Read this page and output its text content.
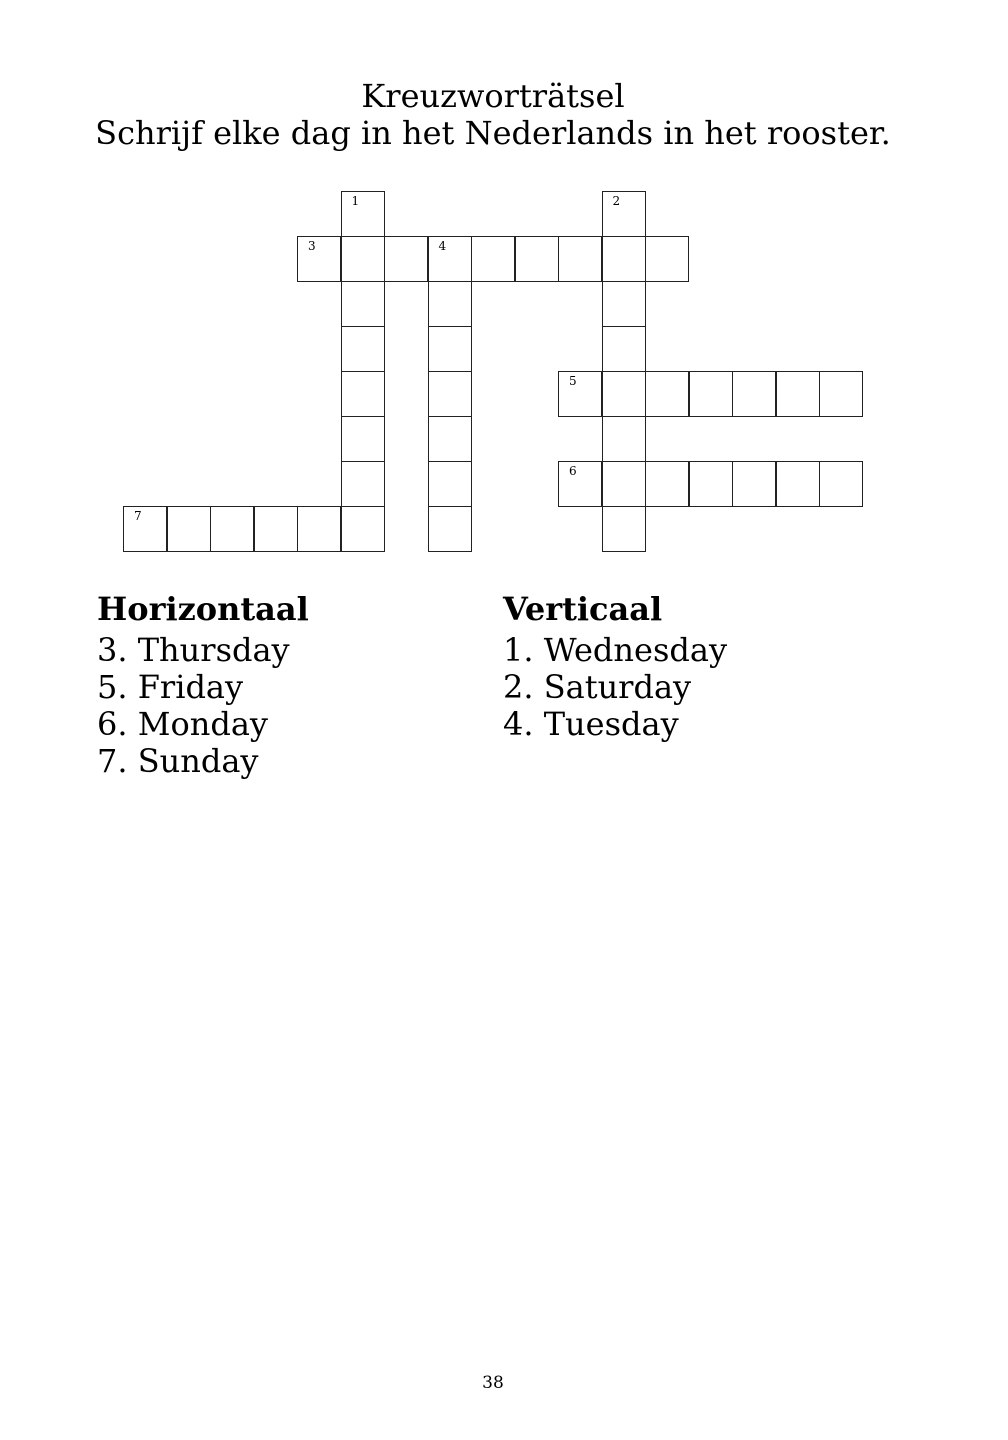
Kreuzworträtsel
Schrijf elke dag in het Nederlands in het rooster.
1	2
3	4
5
6
7
Horizontaal
3. Thursday
5. Friday
6. Monday
7. Sunday
Verticaal
1. Wednesday
2. Saturday
4. Tuesday
38
